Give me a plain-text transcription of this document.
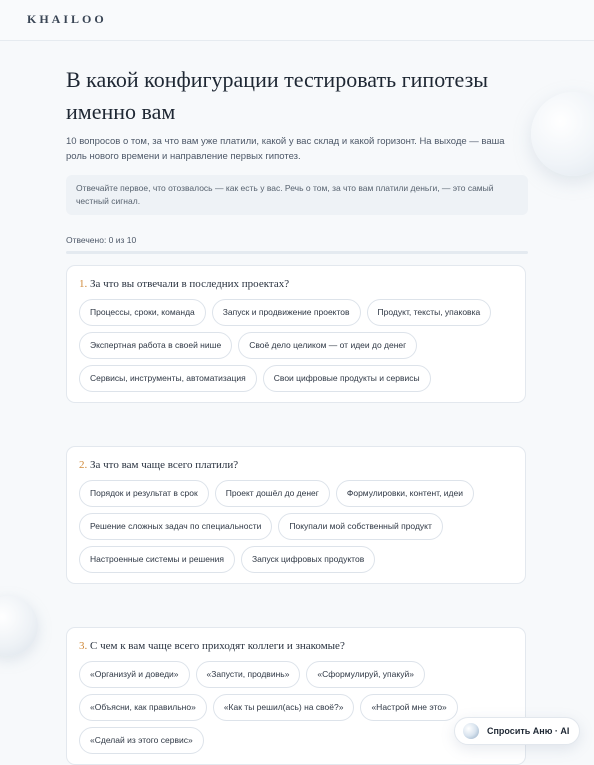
KHAILOO
В какой конфигурации тестировать гипотезы именно вам
10 вопросов о том, за что вам уже платили, какой у вас склад и какой горизонт. На выходе — ваша роль нового времени и направление первых гипотез.
Отвечайте первое, что отозвалось — как есть у вас. Речь о том, за что вам платили деньги, — это самый честный сигнал.
Отвечено: 0 из 10
1. За что вы отвечали в последних проектах?
Процессы, сроки, команда	Запуск и продвижение проектов	Продукт, тексты, упаковка
Экспертная работа в своей нише	Своё дело целиком — от идеи до денег
Сервисы, инструменты, автоматизация	Свои цифровые продукты и сервисы
2. За что вам чаще всего платили?
Порядок и результат в срок	Проект дошёл до денег	Формулировки, контент, идеи
Решение сложных задач по специальности	Покупали мой собственный продукт
Настроенные системы и решения	Запуск цифровых продуктов
3. С чем к вам чаще всего приходят коллеги и знакомые?
«Организуй и доведи»	«Запусти, продвинь»	«Сформулируй, упакуй»
«Объясни, как правильно»	«Как ты решил(ась) на своё?»	«Настрой мне это»
«Сделай из этого сервис»
Спросить Аню · AI
